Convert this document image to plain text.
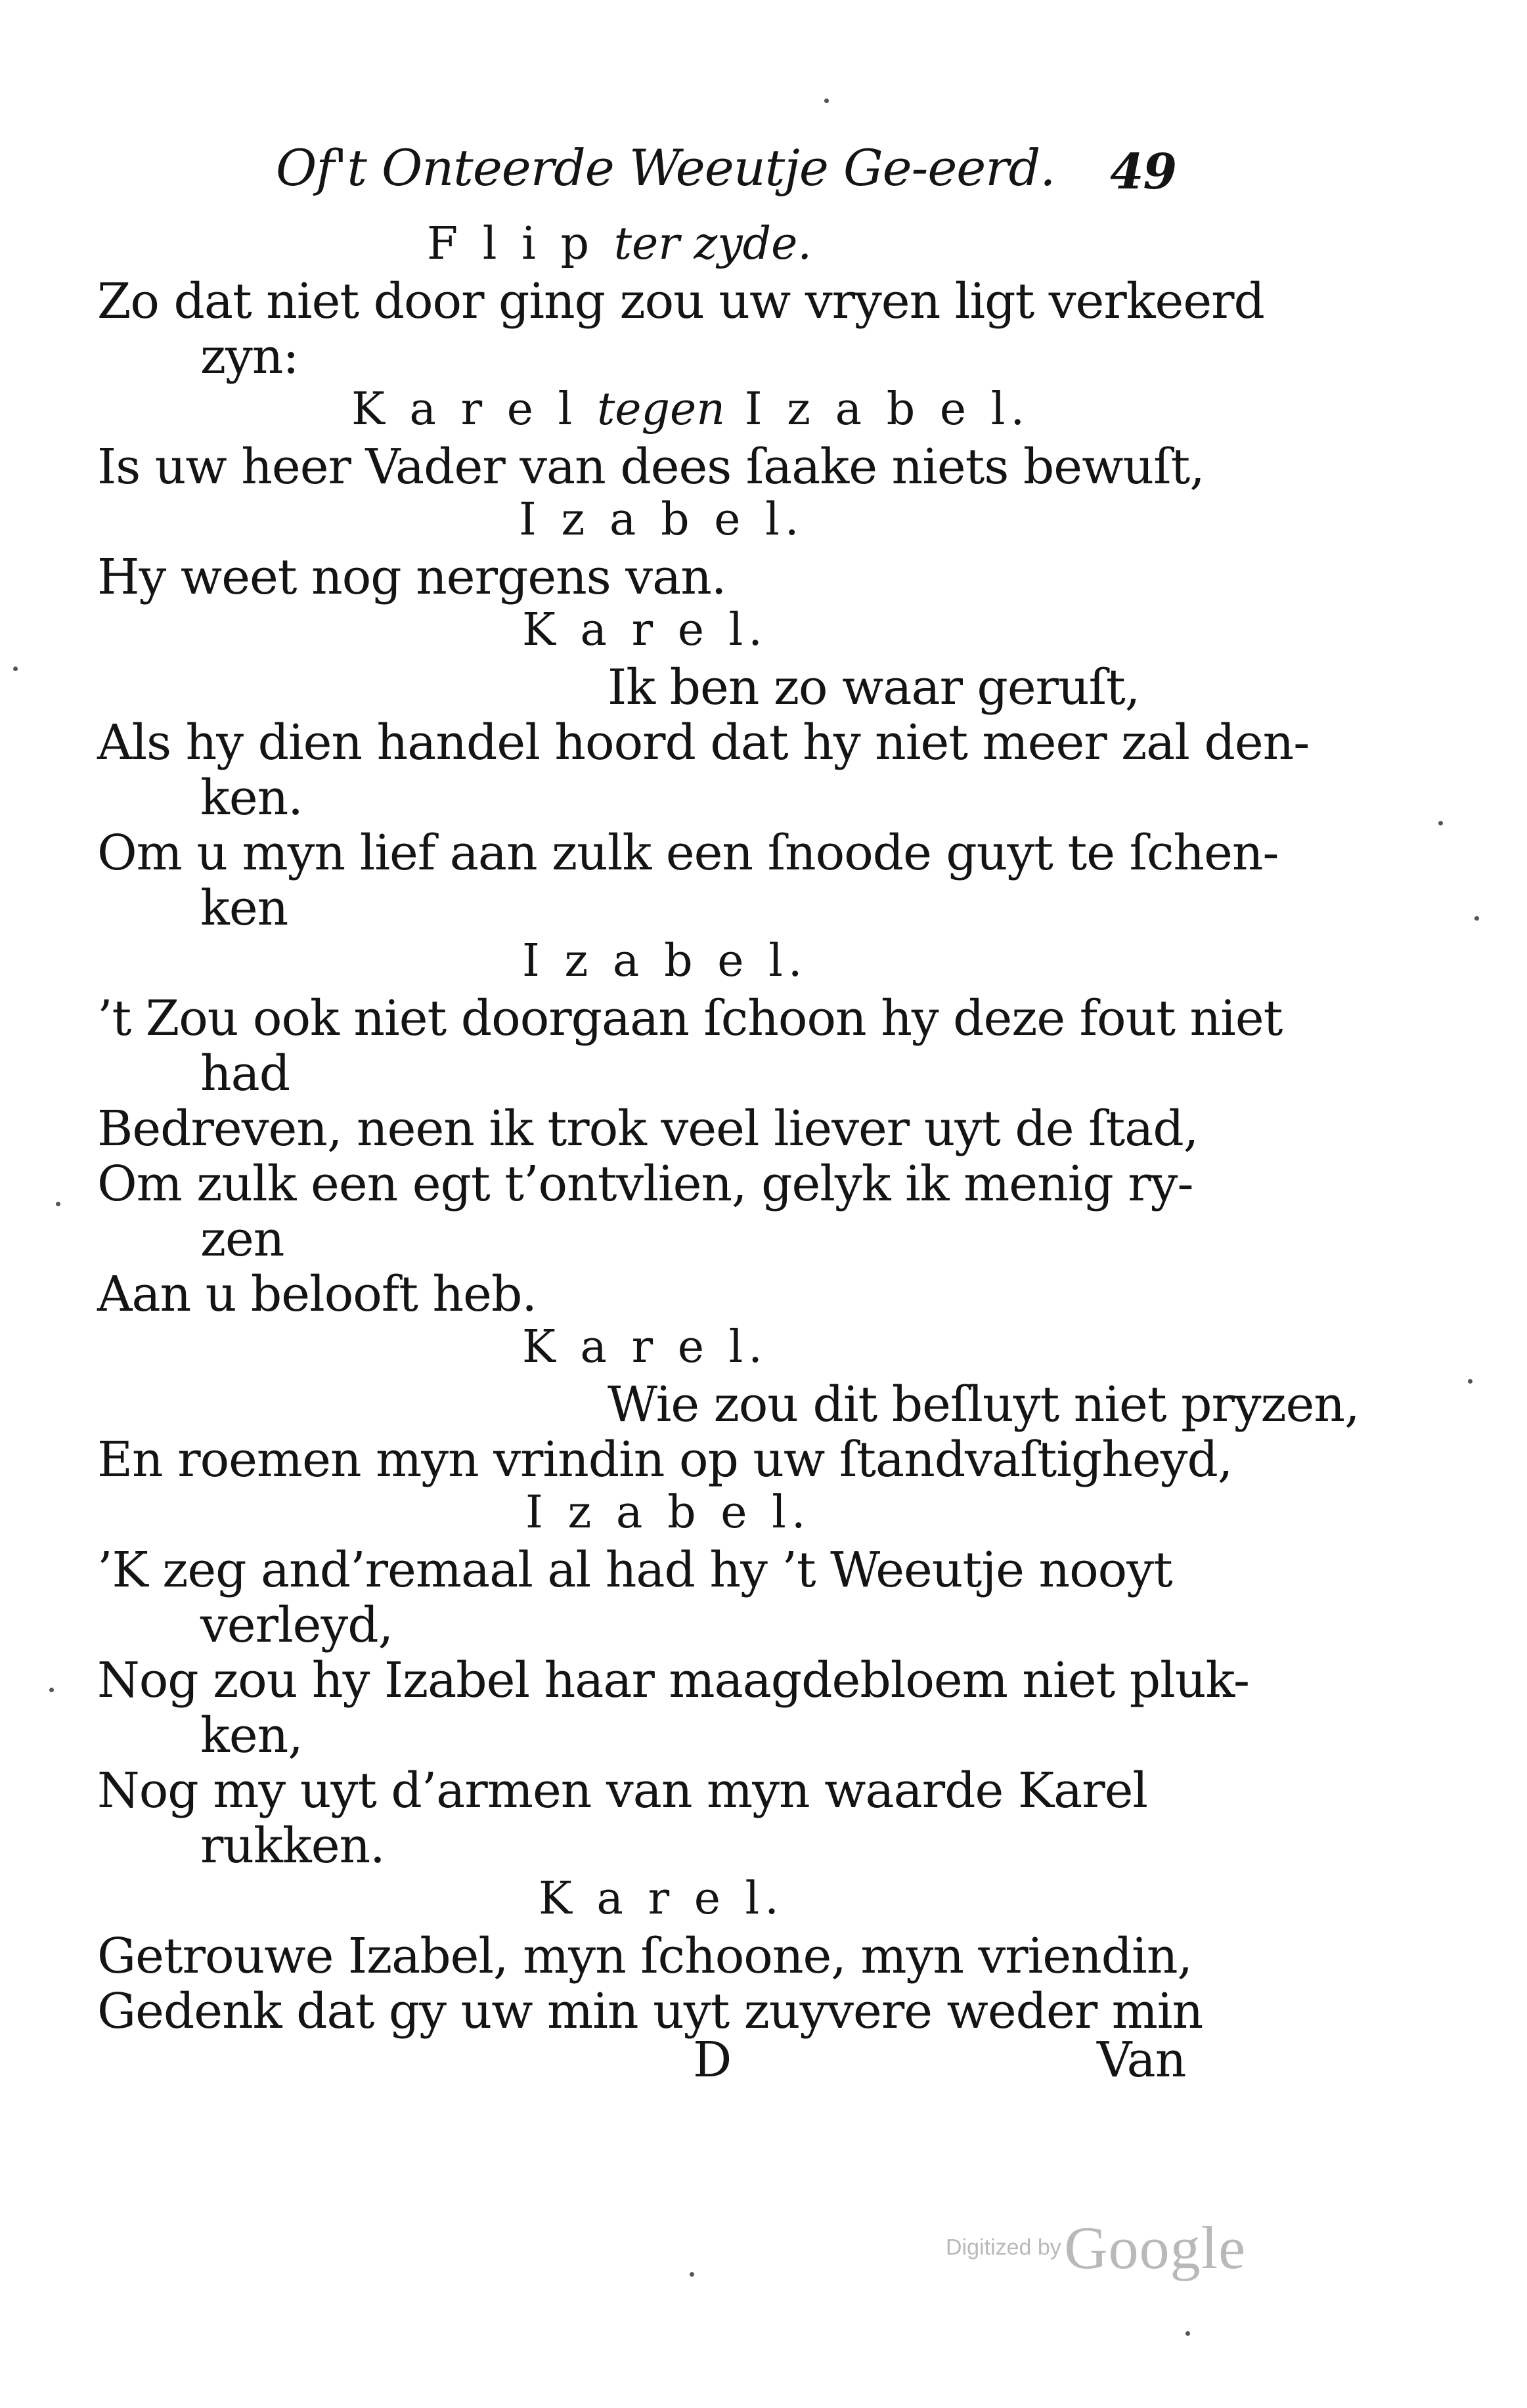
Of't Onteerde Weeutje Ge-eerd. 49
F l i p ter zyde.
Zo dat niet door ging zou uw vryen ligt verkeerd
zyn:
K a r e l tegen I z a b e l.
Is uw heer Vader van dees ſaake niets bewuſt,
I z a b e l.
Hy weet nog nergens van.
K a r e l.
Ik ben zo waar geruſt,
Als hy dien handel hoord dat hy niet meer zal den-
ken.
Om u myn lief aan zulk een ſnoode guyt te ſchen-
ken
I z a b e l.
’t Zou ook niet doorgaan ſchoon hy deze fout niet
had
Bedreven, neen ik trok veel liever uyt de ſtad,
Om zulk een egt t’ontvlien, gelyk ik menig ry-
zen
Aan u belooft heb.
K a r e l.
Wie zou dit beſluyt niet pryzen,
En roemen myn vrindin op uw ſtandvaſtigheyd,
I z a b e l.
’K zeg and’remaal al had hy ’t Weeutje nooyt
verleyd,
Nog zou hy Izabel haar maagdebloem niet pluk-
ken,
Nog my uyt d’armen van myn waarde Karel
rukken.
K a r e l.
Getrouwe Izabel, myn ſchoone, myn vriendin,
Gedenk dat gy uw min uyt zuyvere weder min
D	Van
Digitized by Google
